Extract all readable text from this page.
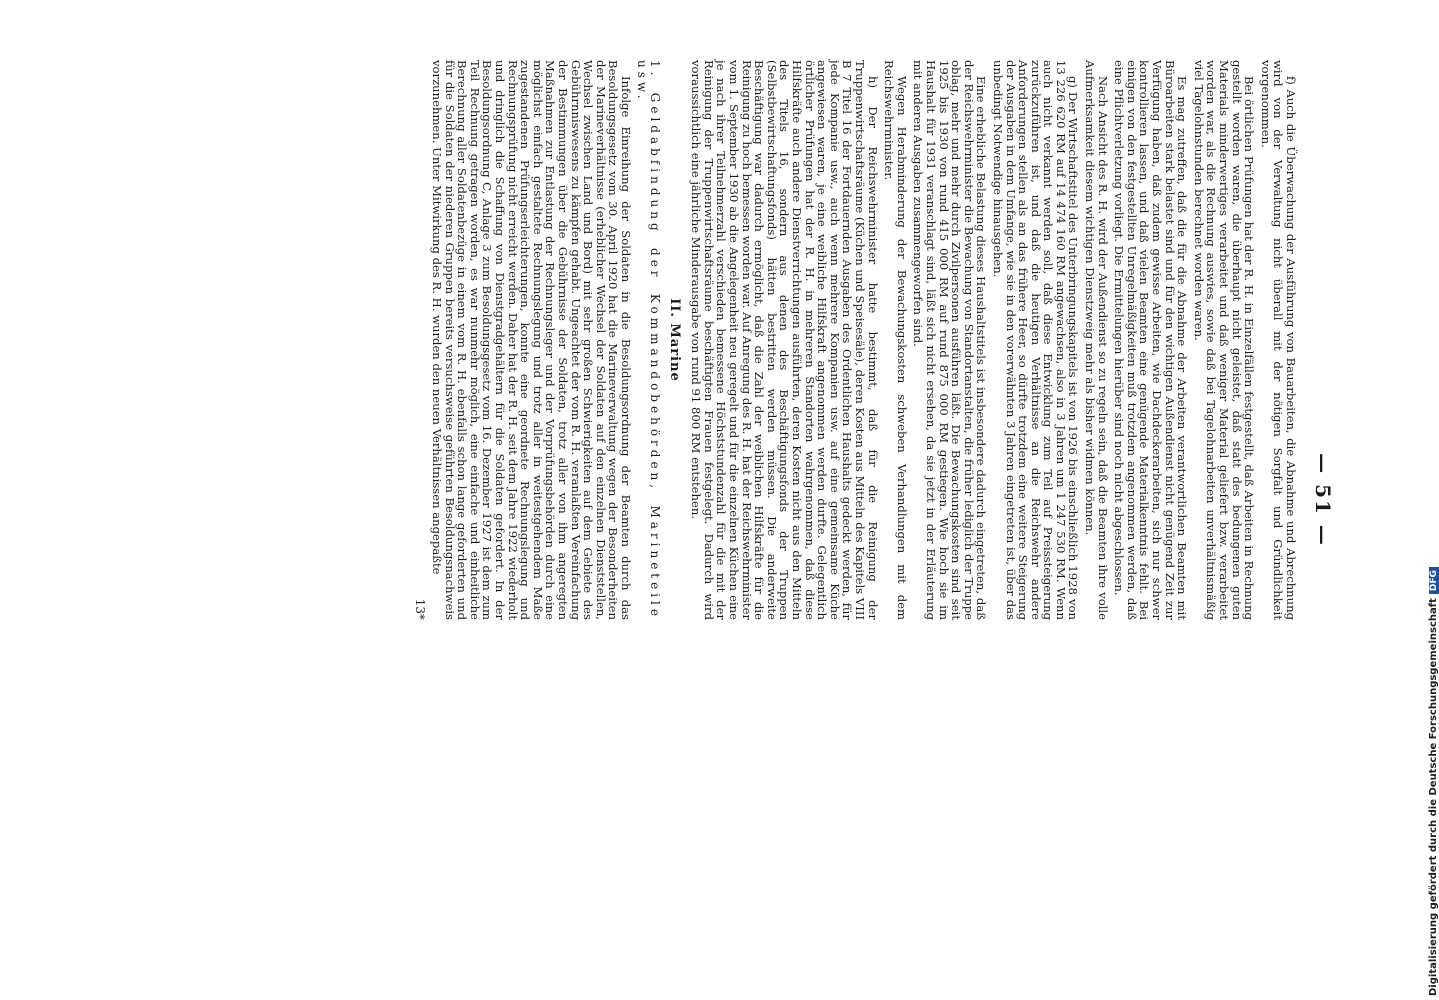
— 51 —

f) Auch die Überwachung der Ausführung von Bauarbeiten, die Abnahme und Abrechnung wird von der Verwaltung nicht überall mit der nötigen Sorgfalt und Gründlichkeit vorgenommen.

Bei örtlichen Prüfungen hat der R. H. in Einzelfällen festgestellt, daß Arbeiten in Rechnung gestellt worden waren, die überhaupt nicht geleistet, daß statt des bedungenen guten Materials minderwertiges verarbeitet und daß weniger Material geliefert bzw. verarbeitet worden war, als die Rechnung auswies, sowie daß bei Tagelohnarbeiten unverhältnismäßig viel Tagelohnstunden berechnet worden waren.

Es mag zutreffen, daß die für die Abnahme der Arbeiten verantwortlichen Beamten mit Büroarbeiten stark belastet sind und für den wichtigen Außendienst nicht genügend Zeit zur Verfügung haben, daß zudem gewisse Arbeiten, wie Dachdeckerarbeiten, sich nur schwer kontrollieren lassen, und daß vielen Beamten eine genügende Materialkenntnis fehlt. Bei einigen von den festgestellten Unregelmäßigkeiten muß trotzdem angenommen werden, daß eine Pflichtverletzung vorliegt. Die Ermittelungen hierüber sind noch nicht abgeschlossen.

Nach Ansicht des R. H. wird der Außendienst so zu regeln sein, daß die Beamten ihre volle Aufmerksamkeit diesem wichtigen Dienstzweig mehr als bisher widmen können.

g) Der Wirtschaftstitel des Unterbringungskapitels ist von 1926 bis einschließlich 1928 von 13 226 620 RM auf 14 474 160 RM angewachsen, also in 3 Jahren um 1 247 530 RM. Wenn auch nicht verkannt werden soll, daß diese Entwicklung zum Teil auf Preissteigerung zurückzuführen ist, und daß die heutigen Verhältnisse an die Reichswehr andere Anforderungen stellen als an das frühere Heer, so dürfte trotzdem eine weitere Steigerung der Ausgaben in dem Umfange, wie sie in den vorerwähnten 3 Jahren eingetreten ist, über das unbedingt Notwendige hinausgehen.

Eine erhebliche Belastung dieses Haushaltstitels ist insbesondere dadurch eingetreten, daß der Reichswehrminister die Bewachung von Standortanstalten, die früher lediglich der Truppe oblag, mehr und mehr durch Zivilpersonen ausführen läßt. Die Bewachungskosten sind seit 1925 bis 1930 von rund 415 000 RM auf rund 875 000 RM gestiegen. Wie hoch sie im Haushalt für 1931 veranschlagt sind, läßt sich nicht ersehen, da sie jetzt in der Erläuterung mit anderen Ausgaben zusammengeworfen sind.

Wegen Herabminderung der Bewachungskosten schweben Verhandlungen mit dem Reichswehrminister.

h) Der Reichswehrminister hatte bestimmt, daß für die Reinigung der Truppenwirtschaftsräume (Küchen und Speisesäle), deren Kosten aus Mitteln des Kapitels VIII B 7 Titel 16 der Fortdauernden Ausgaben des Ordentlichen Haushalts gedeckt werden, für jede Kompanie usw., auch wenn mehrere Kompanien usw. auf eine gemeinsame Küche angewiesen waren, je eine weibliche Hilfskraft angenommen werden durfte. Gelegentlich örtlicher Prüfungen hat der R. H. in mehreren Standorten wahrgenommen, daß diese Hilfskräfte auch andere Dienstverrichtungen ausführten, deren Kosten nicht aus den Mitteln des Titels 16, sondern aus denen des Beschäftigungsfonds der Truppen (Selbstbewirtschaftungsfonds) hätten bestritten werden müssen. Die anderweite Beschäftigung war dadurch ermöglicht, daß die Zahl der weiblichen Hilfskräfte für die Reinigung zu hoch bemessen worden war. Auf Anregung des R. H. hat der Reichswehrminister vom 1. September 1930 ab die Angelegenheit neu geregelt und für die einzelnen Küchen eine je nach ihrer Teilnehmerzahl verschieden bemessene Höchststundenzahl für die mit der Reinigung der Truppenwirtschaftsräume beschäftigten Frauen festgelegt. Dadurch wird voraussichtlich eine jährliche Minderausgabe von rund 91 800 RM entstehen.

II. Marine

1. Geldabfindung der Kommandobehörden, Marineteile usw.

Infolge Einreihung der Soldaten in die Besoldungsordnung der Beamten durch das Besoldungsgesetz vom 30. April 1920 hat die Marineverwaltung wegen der Besonderheiten der Marineverhältnisse (erheblicher Wechsel der Soldaten auf den einzelnen Dienststellen, Wechsel zwischen Land und Bord) mit sehr großen Schwierigkeiten auf dem Gebiete des Gebührnniswesens zu kämpfen gehabt. Ungeachtet der vom R. H. veranlaßten Vereinfachung der Bestimmungen über die Gebührnisse der Soldaten, trotz aller von ihm angeregten Maßnahmen zur Entlastung der Rechnungsleger und der Vorprüfungsbehörden durch eine möglichst einfach gestaltete Rechnungslegung und trotz aller in weitestgehendem Maße zugestandenen Prüfungserleichterungen, konnte eine geordnete Rechnungslegung und Rechnungsprüfung nicht erreicht werden. Daher hat der R. H. seit dem Jahre 1922 wiederholt und dringlich die Schaffung von Dienstgradgehältern für die Soldaten gefordert. In der Besoldungsordnung C, Anlage 3 zum Besoldungsgesetz vom 16. Dezember 1927 ist dem zum Teil Rechnung getragen worden, es war nunmehr möglich, eine einfache und einheitliche Berechnung aller Soldatenbezüge in einem vom R. H. ebenfalls schon lange geforderten und für die Soldaten der niederen Gruppen bereits versuchsweise geführten Besoldungsnachweis vorzunehmen. Unter Mitwirkung des R. H. wurden den neuen Verhältnissen angepaßte

13*	Digitalisierung gefördert durch die Deutsche ForschungsgemeinschaftDFG
